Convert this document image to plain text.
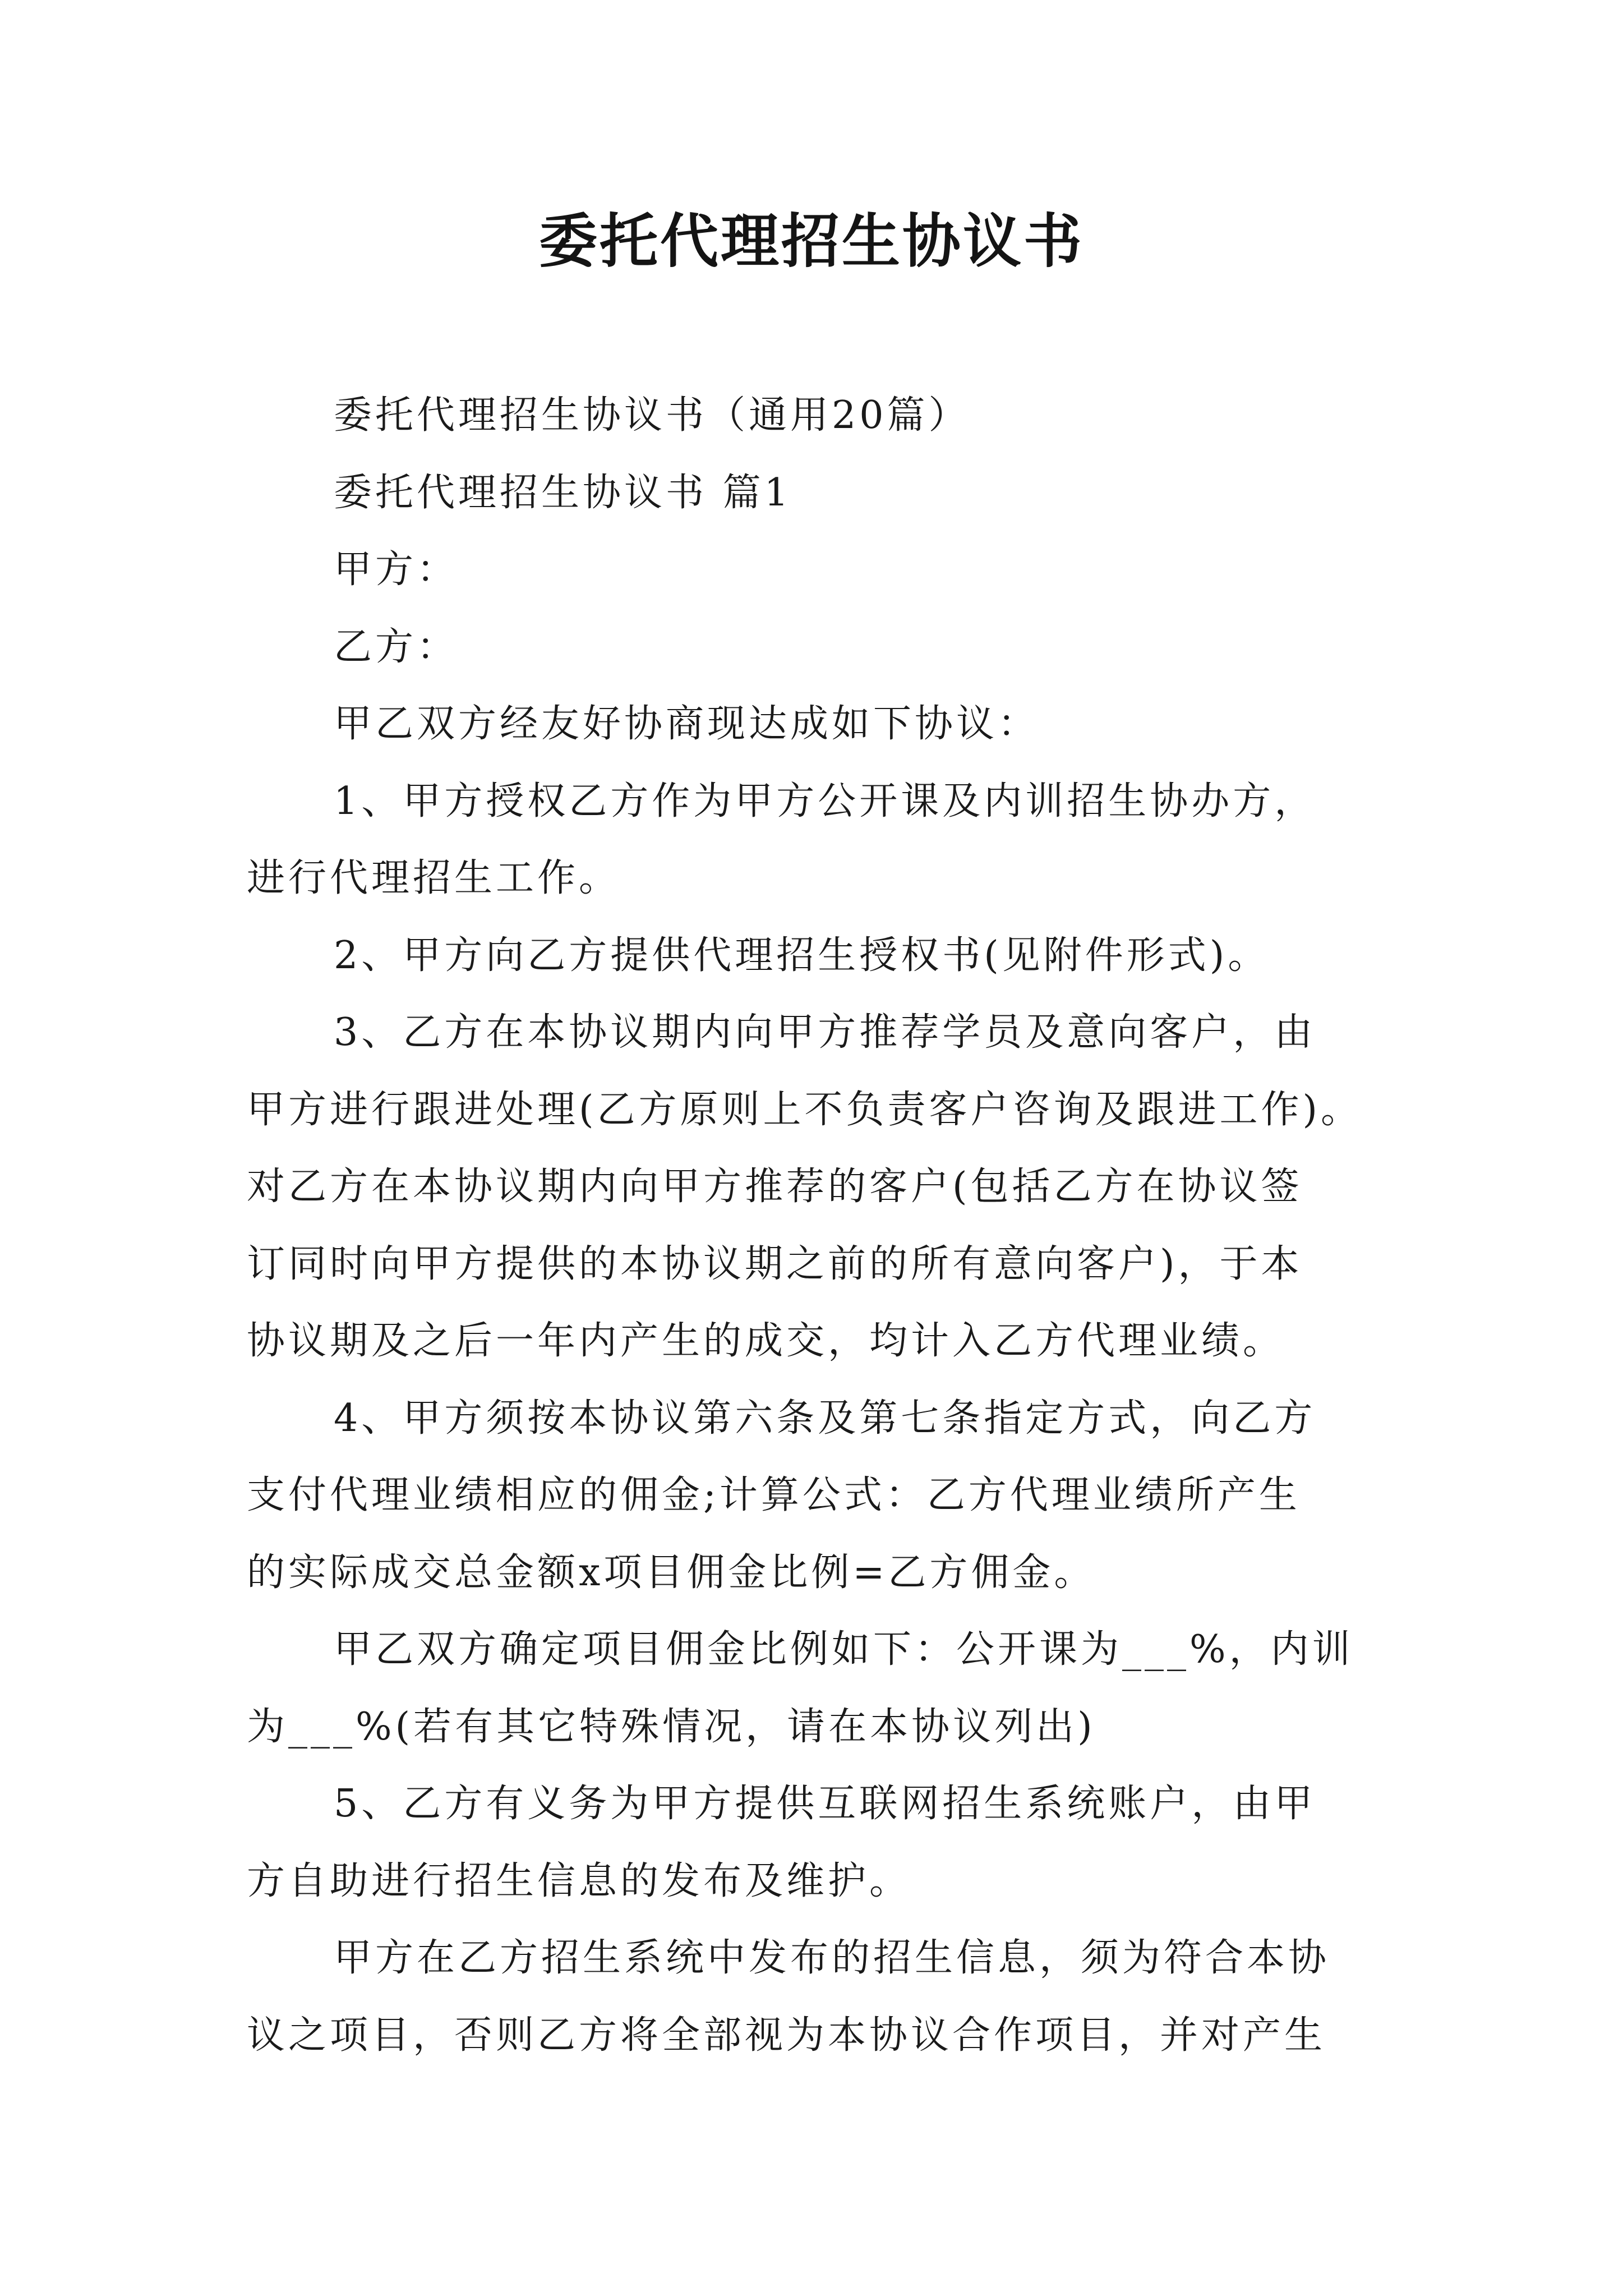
委托代理招生协议书
委托代理招生协议书（通用20篇）
委托代理招生协议书 篇1
甲方：
乙方：
甲乙双方经友好协商现达成如下协议：
1、甲方授权乙方作为甲方公开课及内训招生协办方，
进行代理招生工作。
2、甲方向乙方提供代理招生授权书(见附件形式)。
3、乙方在本协议期内向甲方推荐学员及意向客户，由
甲方进行跟进处理(乙方原则上不负责客户咨询及跟进工作)。
对乙方在本协议期内向甲方推荐的客户(包括乙方在协议签
订同时向甲方提供的本协议期之前的所有意向客户)，于本
协议期及之后一年内产生的成交，均计入乙方代理业绩。
4、甲方须按本协议第六条及第七条指定方式，向乙方
支付代理业绩相应的佣金;计算公式：乙方代理业绩所产生
的实际成交总金额x项目佣金比例=乙方佣金。
甲乙双方确定项目佣金比例如下：公开课为___%，内训
为___%(若有其它特殊情况，请在本协议列出)
5、乙方有义务为甲方提供互联网招生系统账户，由甲
方自助进行招生信息的发布及维护。
甲方在乙方招生系统中发布的招生信息，须为符合本协
议之项目，否则乙方将全部视为本协议合作项目，并对产生
